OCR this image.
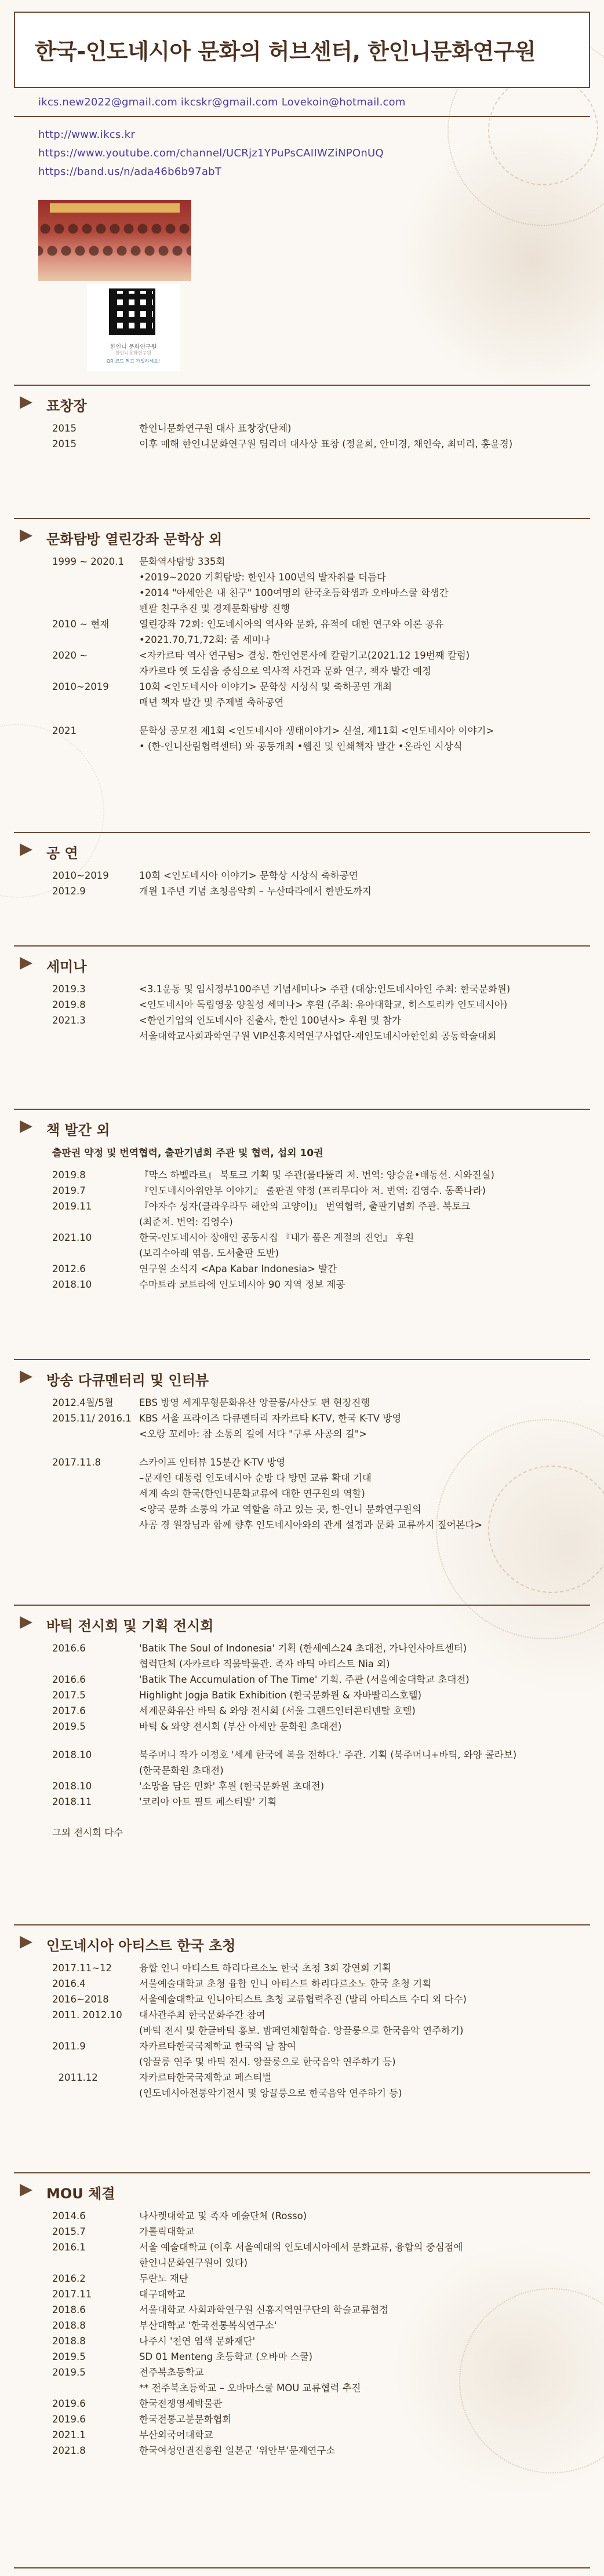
한국-인도네시아 문화의 허브센터, 한인니문화연구원
ikcs.new2022@gmail.com ikcskr@gmail.com Lovekoin@hotmail.com
http://www.ikcs.kr
https://www.youtube.com/channel/UCRjz1YPuPsCAIIWZiNPOnUQ
https://band.us/n/ada46b6b97abT
한인니 문화연구원
한인니문화연구원
QR 코드 찍고 가입하세요!
표창장
2015	한인니문화연구원 대사 표창장(단체)
2015	이후 매해 한인니문화연구원 팀리더 대사상 표창 (정윤희, 안미경, 채인숙, 최미리, 홍윤경)
문화탐방 열린강좌 문학상 외
1999 ~ 2020.1	문화역사탐방 335회
•2019~2020 기획탐방: 한인사 100년의 발자취를 더듬다
•2014 "아세안은 내 친구" 100여명의 한국초등학생과 오바마스쿨 학생간
펜팔 친구추진 및 경제문화탐방 진행
2010 ~ 현재	열린강좌 72회: 인도네시아의 역사와 문화, 유적에 대한 연구와 이론 공유
•2021.70,71,72회: 줌 세미나
2020 ~	<자카르타 역사 연구팀> 결성. 한인언론사에 칼럼기고(2021.12 19번째 칼럼)
자카르타 옛 도심을 중심으로 역사적 사건과 문화 연구, 책자 발간 예정
2010~2019	10회 <인도네시아 이야기> 문학상 시상식 및 축하공연 개최
매년 책자 발간 및 주제별 축하공연
2021	문학상 공모전 제1회 <인도네시아 생태이야기> 신설, 제11회 <인도네시아 이야기>
• (한-인니산림협력센터) 와 공동개최 •웹진 및 인쇄책자 발간 •온라인 시상식
공 연
2010~2019	10회 <인도네시아 이야기> 문학상 시상식 축하공연
2012.9	개원 1주년 기념 초청음악회 – 누산따라에서 한반도까지
세미나
2019.3	<3.1운동 및 임시정부100주년 기념세미나> 주관 (대상:인도네시아인 주최: 한국문화원)
2019.8	<인도네시아 독립영웅 양칠성 세미나> 후원 (주최: 유아대학교, 히스토리카 인도네시아)
2021.3	<한인기업의 인도네시아 진출사, 한인 100년사> 후원 및 참가
서울대학교사회과학연구원 VIP신흥지역연구사업단-재인도네시아한인회 공동학술대회
책 발간 외
출판권 약정 및 번역협력, 출판기념회 주관 및 협력, 섭외 10권
2019.8	『막스 하벨라르』 북토크 기획 및 주관(물타뚤리 저. 번역: 양승윤•배동선. 시와진실)
2019.7	『인도네시아위안부 이야기』 출판권 약정 (프리무디아 저. 번역: 김영수. 동쪽나라)
2019.11	『야자수 성자(클라우라두 해안의 고양이)』 번역협력, 출판기념회 주관. 북토크
(최준저. 번역: 김영수)
2021.10	한국-인도네시아 장애인 공동시집 『내가 품은 계절의 진언』 후원
(보리수아래 엮음. 도서출판 도반)
2012.6	연구원 소식지 <Apa Kabar Indonesia> 발간
2018.10	수마트라 코트라에 인도네시아 90 지역 정보 제공
방송 다큐멘터리 및 인터뷰
2012.4월/5월	EBS 방영 세계무형문화유산 앙끌룽/사산도 편 현장진행
2015.11/ 2016.1 KBS 서울 프라이즈 다큐멘터리 자카르타 K-TV, 한국 K-TV 방영
<오랑 꼬레아: 참 소통의 길에 서다 "구루 사공의 길">
2017.11.8	스카이프 인터뷰 15분간 K-TV 방영
–문재인 대통령 인도네시아 순방 다 방면 교류 확대 기대
세계 속의 한국(한인니문화교류에 대한 연구원의 역할)
<양국 문화 소통의 가교 역할을 하고 있는 곳, 한-인니 문화연구원의
사공 경 원장님과 함께 향후 인도네시아와의 관계 설정과 문화 교류까지 짚어본다>
바틱 전시회 및 기획 전시회
2016.6	'Batik The Soul of Indonesia' 기획 (한세예스24 초대전, 가나인사아트센터)
협력단체 (자카르타 직물박물관. 족자 바틱 아티스트 Nia 외)
2016.6	'Batik The Accumulation of The Time' 기획. 주관 (서울예술대학교 초대전)
2017.5	Highlight Jogja Batik Exhibition (한국문화원 & 자바빨리스호텔)
2017.6	세계문화유산 바틱 & 와양 전시회 (서울 그랜드인터콘티넨탈 호텔)
2019.5	바틱 & 와양 전시회 (부산 아세안 문화원 초대전)
2018.10	북주머니 작가 이정호 '세계 한국에 복을 전하다.' 주관. 기획 (북주머니+바틱, 와양 콜라보)
(한국문화원 초대전)
2018.10	'소망을 담은 민화' 후원 (한국문화원 초대전)
2018.11	'코리아 아트 필트 페스티발' 기획
그외 전시회 다수
인도네시아 아티스트 한국 초청
2017.11~12	융합 인니 아티스트 하리다르소노 한국 초청 3회 강연회 기획
2016.4	서울예술대학교 초청 융합 인니 아티스트 하리다르소노 한국 초청 기획
2016~2018	서울예술대학교 인니아티스트 초청 교류협력추진 (발리 아티스트 수디 외 다수)
2011. 2012.10	대사관주최 한국문화주간 참여
(바틱 전시 및 한글바틱 홍보. 밤페연체험학습. 앙끌룽으로 한국음악 연주하기)
2011.9	자카르타한국국제학교 한국의 날 참여
(앙끌룽 연주 및 바틱 전시. 앙끌룽으로 한국음악 연주하기 등)
2011.12	자카르타한국국제학교 페스티벌
(인도네시아전통악기전시 및 앙끌룽으로 한국음악 연주하기 등)
MOU 체결
2014.6	나사렛대학교 및 족자 예술단체 (Rosso)
2015.7	가톨릭대학교
2016.1	서울 예술대학교 (이후 서울예대의 인도네시아에서 문화교류, 융합의 중심점에
한인니문화연구원이 있다)
2016.2	두란노 재단
2017.11	대구대학교
2018.6	서울대학교 사회과학연구원 신흥지역연구단의 학술교류협정
2018.8	부산대학교 '한국전통복식연구소'
2018.8	나주시 '천연 염색 문화재단'
2019.5	SD 01 Menteng 초등학교 (오바마 스쿨)
2019.5	전주북초등학교
** 전주북초등학교 – 오바마스쿨 MOU 교류협력 추진
2019.6	한국전쟁영세박물관
2019.6	한국전통고분문화협회
2021.1	부산외국어대학교
2021.8	한국여성인권진흥원 일본군 '위안부'문제연구소
